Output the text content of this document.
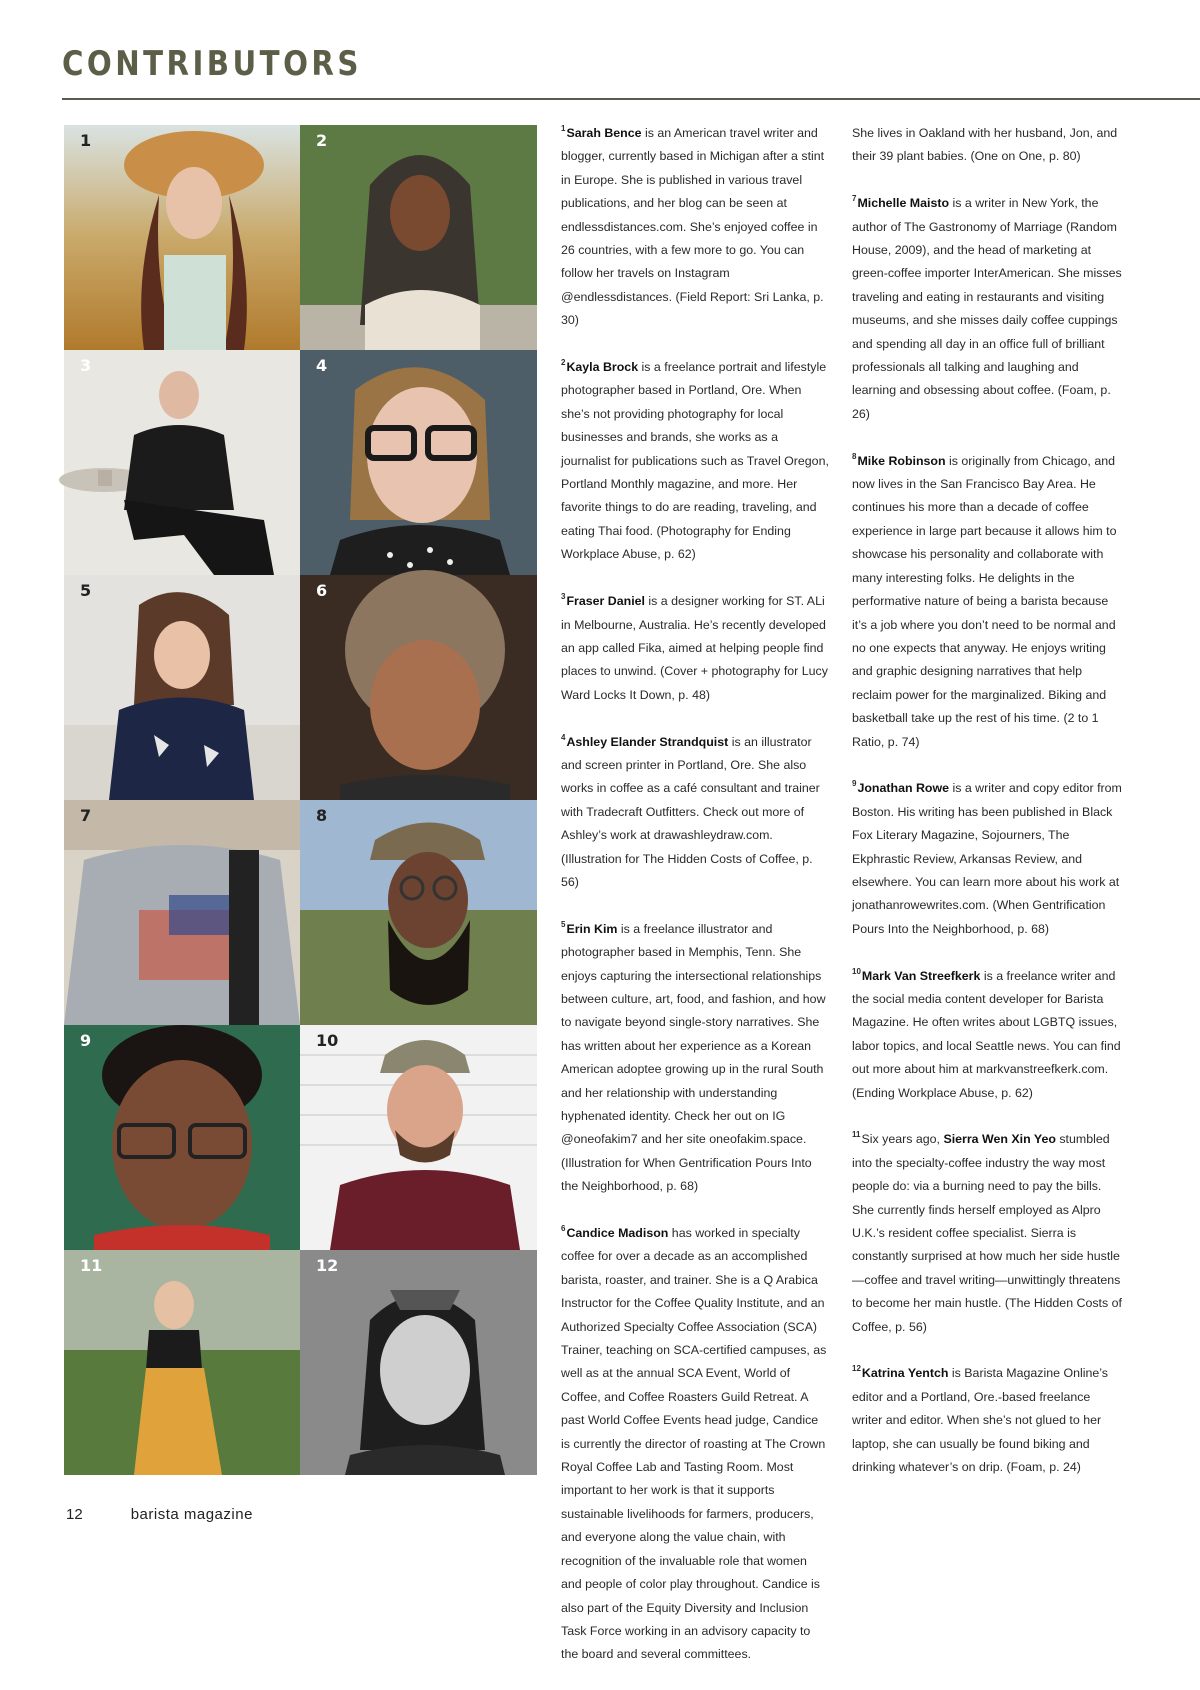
CONTRIBUTORS
1	2
3	4
5	6
7	8
9	10
11	12

$^1$Sarah Bence is an American travel writer and blogger, currently based in Michigan after a stint in Europe. She is published in various travel publications, and her blog can be seen at endlessdistances.com. She’s enjoyed coffee in 26 countries, with a few more to go. You can follow her travels on Instagram @endlessdistances. (Field Report: Sri Lanka, p. 30)

$^2$Kayla Brock is a freelance portrait and lifestyle photographer based in Portland, Ore. When she’s not providing photography for local businesses and brands, she works as a journalist for publications such as Travel Oregon, Portland Monthly magazine, and more. Her favorite things to do are reading, traveling, and eating Thai food. (Photography for Ending Workplace Abuse, p. 62)

$^3$Fraser Daniel is a designer working for ST. ALi in Melbourne, Australia. He’s recently developed an app called Fika, aimed at helping people find places to unwind. (Cover + photography for Lucy Ward Locks It Down, p. 48)

$^4$Ashley Elander Strandquist is an illustrator and screen printer in Portland, Ore. She also works in coffee as a café consultant and trainer with Tradecraft Outfitters. Check out more of Ashley’s work at drawashleydraw.com. (Illustration for The Hidden Costs of Coffee, p. 56)

$^5$Erin Kim is a freelance illustrator and photographer based in Memphis, Tenn. She enjoys capturing the intersectional relationships between culture, art, food, and fashion, and how to navigate beyond single-story narratives. She has written about her experience as a Korean American adoptee growing up in the rural South and her relationship with understanding hyphenated identity. Check her out on IG @oneofakim7 and her site oneofakim.space. (Illustration for When Gentrification Pours Into the Neighborhood, p. 68)

$^6$Candice Madison has worked in specialty coffee for over a decade as an accomplished barista, roaster, and trainer. She is a Q Arabica Instructor for the Coffee Quality Institute, and an Authorized Specialty Coffee Association (SCA) Trainer, teaching on SCA-certified campuses, as well as at the annual SCA Event, World of Coffee, and Coffee Roasters Guild Retreat. A past World Coffee Events head judge, Candice is currently the director of roasting at The Crown Royal Coffee Lab and Tasting Room. Most important to her work is that it supports sustainable livelihoods for farmers, producers, and everyone along the value chain, with recognition of the invaluable role that women and people of color play throughout. Candice is also part of the Equity Diversity and Inclusion Task Force working in an advisory capacity to the board and several committees.

She lives in Oakland with her husband, Jon, and their 39 plant babies. (One on One, p. 80)

$^7$Michelle Maisto is a writer in New York, the author of The Gastronomy of Marriage (Random House, 2009), and the head of marketing at green-coffee importer InterAmerican. She misses traveling and eating in restaurants and visiting museums, and she misses daily coffee cuppings and spending all day in an office full of brilliant professionals all talking and laughing and learning and obsessing about coffee. (Foam, p. 26)

$^8$Mike Robinson is originally from Chicago, and now lives in the San Francisco Bay Area. He continues his more than a decade of coffee experience in large part because it allows him to showcase his personality and collaborate with many interesting folks. He delights in the performative nature of being a barista because it’s a job where you don’t need to be normal and no one expects that anyway. He enjoys writing and graphic designing narratives that help reclaim power for the marginalized. Biking and basketball take up the rest of his time. (2 to 1 Ratio, p. 74)

$^9$Jonathan Rowe is a writer and copy editor from Boston. His writing has been published in Black Fox Literary Magazine, Sojourners, The Ekphrastic Review, Arkansas Review, and elsewhere. You can learn more about his work at jonathanrowewrites.com. (When Gentrification Pours Into the Neighborhood, p. 68)

$^{10}$Mark Van Streefkerk is a freelance writer and the social media content developer for Barista Magazine. He often writes about LGBTQ issues, labor topics, and local Seattle news. You can find out more about him at markvanstreefkerk.com. (Ending Workplace Abuse, p. 62)

$^{11}$Six years ago, Sierra Wen Xin Yeo stumbled into the specialty-coffee industry the way most people do: via a burning need to pay the bills. She currently finds herself employed as Alpro U.K.’s resident coffee specialist. Sierra is constantly surprised at how much her side hustle—coffee and travel writing—unwittingly threatens to become her main hustle. (The Hidden Costs of Coffee, p. 56)

$^{12}$Katrina Yentch is Barista Magazine Online’s editor and a Portland, Ore.-based freelance writer and editor. When she’s not glued to her laptop, she can usually be found biking and drinking whatever’s on drip. (Foam, p. 24)

12	barista magazine
